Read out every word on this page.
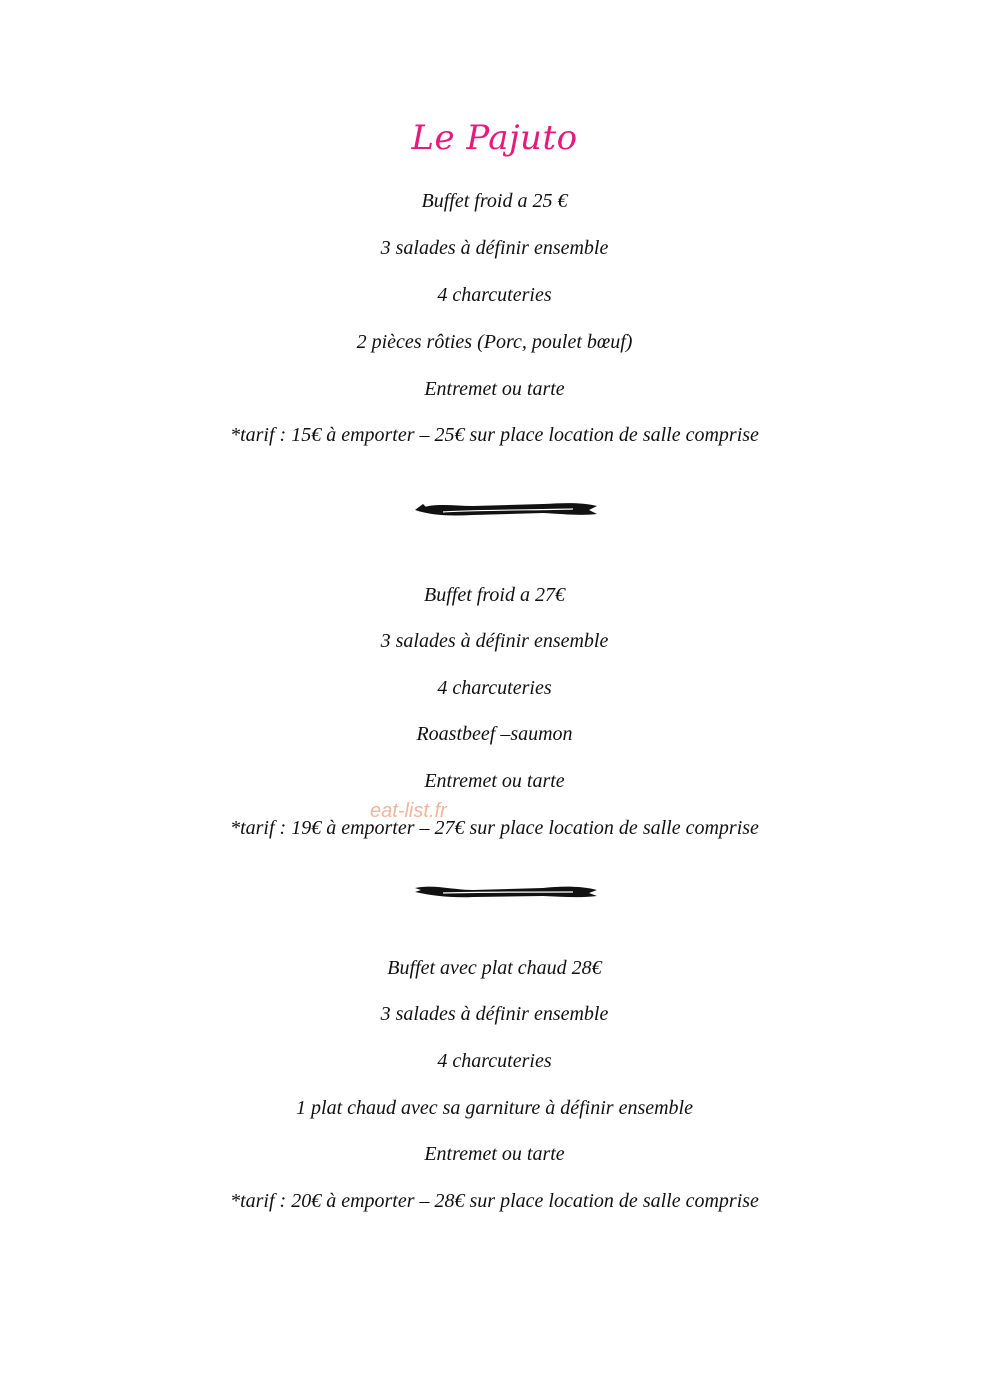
Le Pajuto
Buffet froid a 25 €
3 salades à définir ensemble
4 charcuteries
2 pièces rôties (Porc, poulet bœuf)
Entremet ou tarte
*tarif : 15€ à emporter – 25€ sur place location de salle comprise
Buffet froid a 27€
3 salades à définir ensemble
4 charcuteries
Roastbeef –saumon
Entremet ou tarte
*tarif : 19€ à emporter – 27€ sur place location de salle comprise
eat-list.fr
Buffet avec plat chaud 28€
3 salades à définir ensemble
4 charcuteries
1 plat chaud avec sa garniture à définir ensemble
Entremet ou tarte
*tarif : 20€ à emporter – 28€ sur place location de salle comprise
